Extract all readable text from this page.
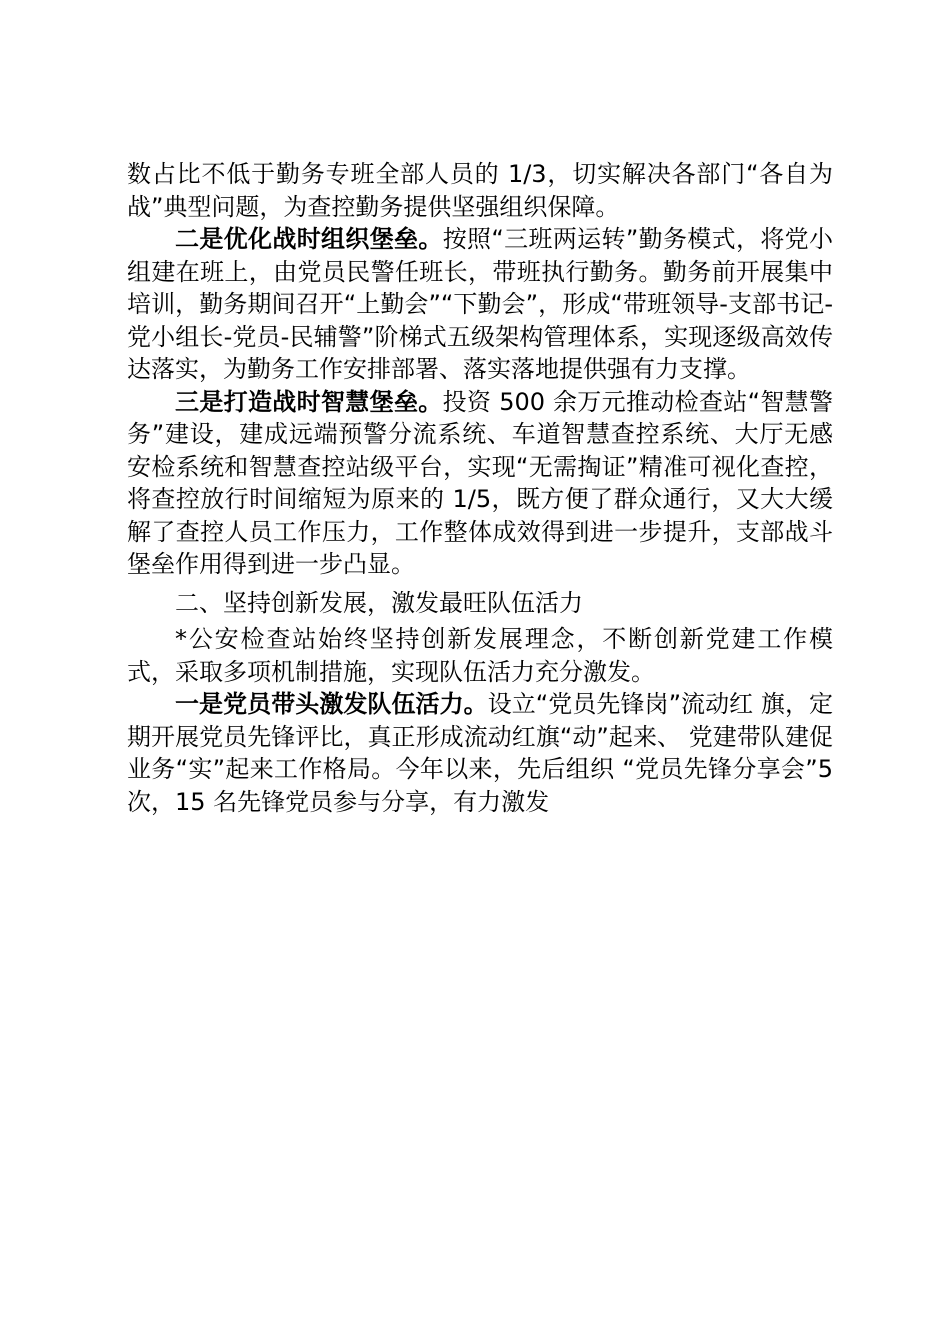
数占比不低于勤务专班全部人员的 1/3，切实解决各部门“各自为战”典型问题，为查控勤务提供坚强组织保障。

二是优化战时组织堡垒。按照“三班两运转”勤务模式，将党小组建在班上，由党员民警任班长，带班执行勤务。勤务前开展集中培训，勤务期间召开“上勤会”“下勤会”，形成“带班领导-支部书记-党小组长-党员-民辅警”阶梯式五级架构管理体系，实现逐级高效传达落实，为勤务工作安排部署、落实落地提供强有力支撑。

三是打造战时智慧堡垒。投资 500 余万元推动检查站“智慧警务”建设，建成远端预警分流系统、车道智慧查控系统、大厅无感安检系统和智慧查控站级平台，实现“无需掏证”精准可视化查控，将查控放行时间缩短为原来的 1/5，既方便了群众通行，又大大缓解了查控人员工作压力，工作整体成效得到进一步提升，支部战斗堡垒作用得到进一步凸显。

二、坚持创新发展，激发最旺队伍活力

*公安检查站始终坚持创新发展理念，不断创新党建工作模 式，采取多项机制措施，实现队伍活力充分激发。

一是党员带头激发队伍活力。设立“党员先锋岗”流动红 旗，定期开展党员先锋评比，真正形成流动红旗“动”起来、 党建带队建促业务“实”起来工作格局。今年以来，先后组织 “党员先锋分享会”5 次，15 名先锋党员参与分享，有力激发
